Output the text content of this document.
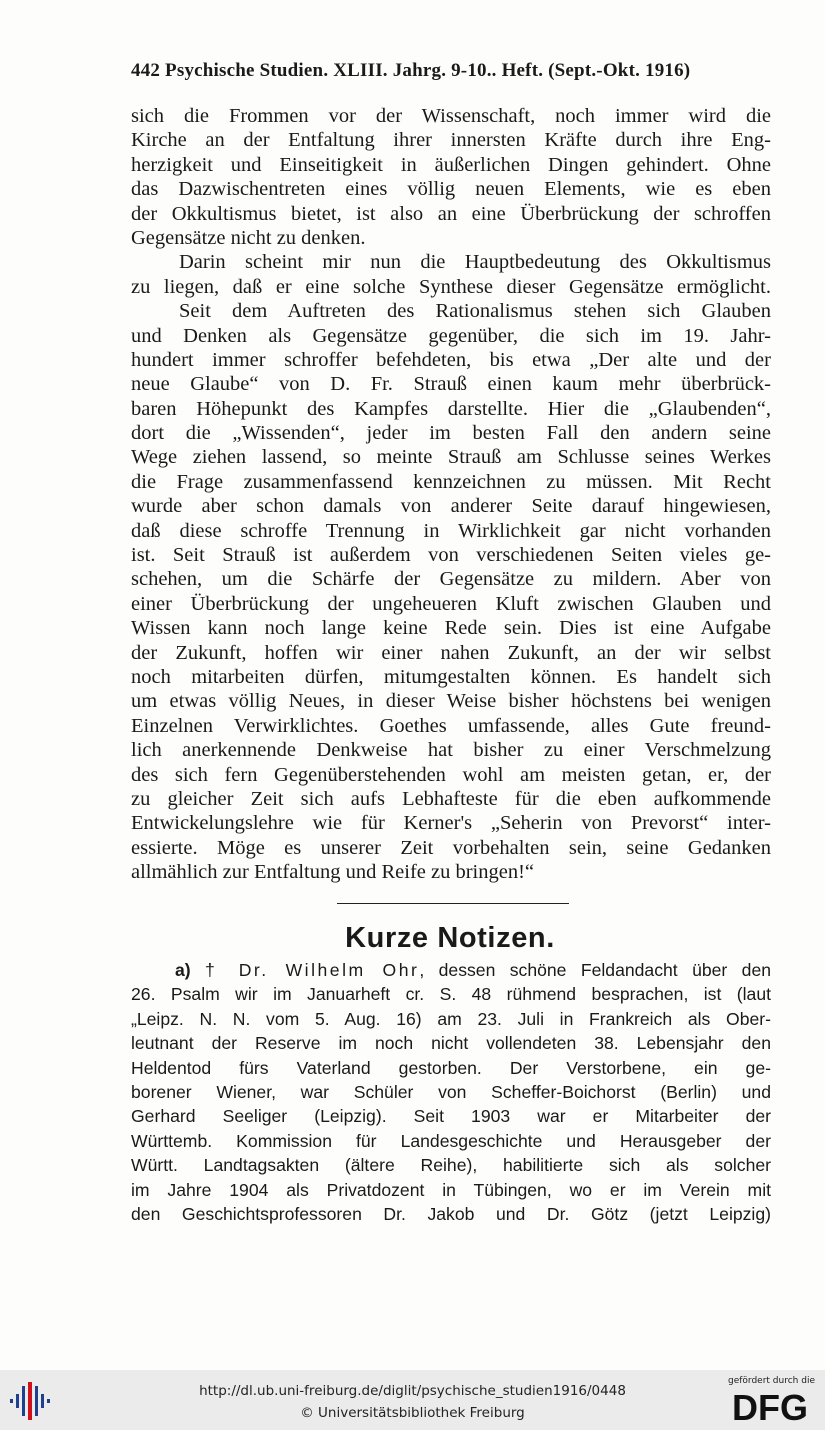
442 Psychische Studien. XLIII. Jahrg. 9-10.. Heft. (Sept.-Okt. 1916)
sich die Frommen vor der Wissenschaft, noch immer wird die
Kirche an der Entfaltung ihrer innersten Kräfte durch ihre Eng-
herzigkeit und Einseitigkeit in äußerlichen Dingen gehindert. Ohne
das Dazwischentreten eines völlig neuen Elements, wie es eben
der Okkultismus bietet, ist also an eine Überbrückung der schroffen
Gegensätze nicht zu denken.
Darin scheint mir nun die Hauptbedeutung des Okkultismus
zu liegen, daß er eine solche Synthese dieser Gegensätze ermöglicht.
Seit dem Auftreten des Rationalismus stehen sich Glauben
und Denken als Gegensätze gegenüber, die sich im 19. Jahr-
hundert immer schroffer befehdeten, bis etwa „Der alte und der
neue Glaube“ von D. Fr. Strauß einen kaum mehr überbrück-
baren Höhepunkt des Kampfes darstellte. Hier die „Glaubenden“,
dort die „Wissenden“, jeder im besten Fall den andern seine
Wege ziehen lassend, so meinte Strauß am Schlusse seines Werkes
die Frage zusammenfassend kennzeichnen zu müssen. Mit Recht
wurde aber schon damals von anderer Seite darauf hingewiesen,
daß diese schroffe Trennung in Wirklichkeit gar nicht vorhanden
ist. Seit Strauß ist außerdem von verschiedenen Seiten vieles ge-
schehen, um die Schärfe der Gegensätze zu mildern. Aber von
einer Überbrückung der ungeheueren Kluft zwischen Glauben und
Wissen kann noch lange keine Rede sein. Dies ist eine Aufgabe
der Zukunft, hoffen wir einer nahen Zukunft, an der wir selbst
noch mitarbeiten dürfen, mitumgestalten können. Es handelt sich
um etwas völlig Neues, in dieser Weise bisher höchstens bei wenigen
Einzelnen Verwirklichtes. Goethes umfassende, alles Gute freund-
lich anerkennende Denkweise hat bisher zu einer Verschmelzung
des sich fern Gegenüberstehenden wohl am meisten getan, er, der
zu gleicher Zeit sich aufs Lebhafteste für die eben aufkommende
Entwickelungslehre wie für Kerner's „Seherin von Prevorst“ inter-
essierte. Möge es unserer Zeit vorbehalten sein, seine Gedanken
allmählich zur Entfaltung und Reife zu bringen!“
Kurze Notizen.
a) † Dr. Wilhelm Ohr, dessen schöne Feldandacht über den
26. Psalm wir im Januarheft cr. S. 48 rühmend besprachen, ist (laut
„Leipz. N. N. vom 5. Aug. 16) am 23. Juli in Frankreich als Ober-
leutnant der Reserve im noch nicht vollendeten 38. Lebensjahr den
Heldentod fürs Vaterland gestorben. Der Verstorbene, ein ge-
borener Wiener, war Schüler von Scheffer-Boichorst (Berlin) und
Gerhard Seeliger (Leipzig). Seit 1903 war er Mitarbeiter der
Württemb. Kommission für Landesgeschichte und Herausgeber der
Württ. Landtagsakten (ältere Reihe), habilitierte sich als solcher
im Jahre 1904 als Privatdozent in Tübingen, wo er im Verein mit
den Geschichtsprofessoren Dr. Jakob und Dr. Götz (jetzt Leipzig)
http://dl.ub.uni-freiburg.de/diglit/psychische_studien1916/0448
© Universitätsbibliothek Freiburg
gefördert durch die
DFG
